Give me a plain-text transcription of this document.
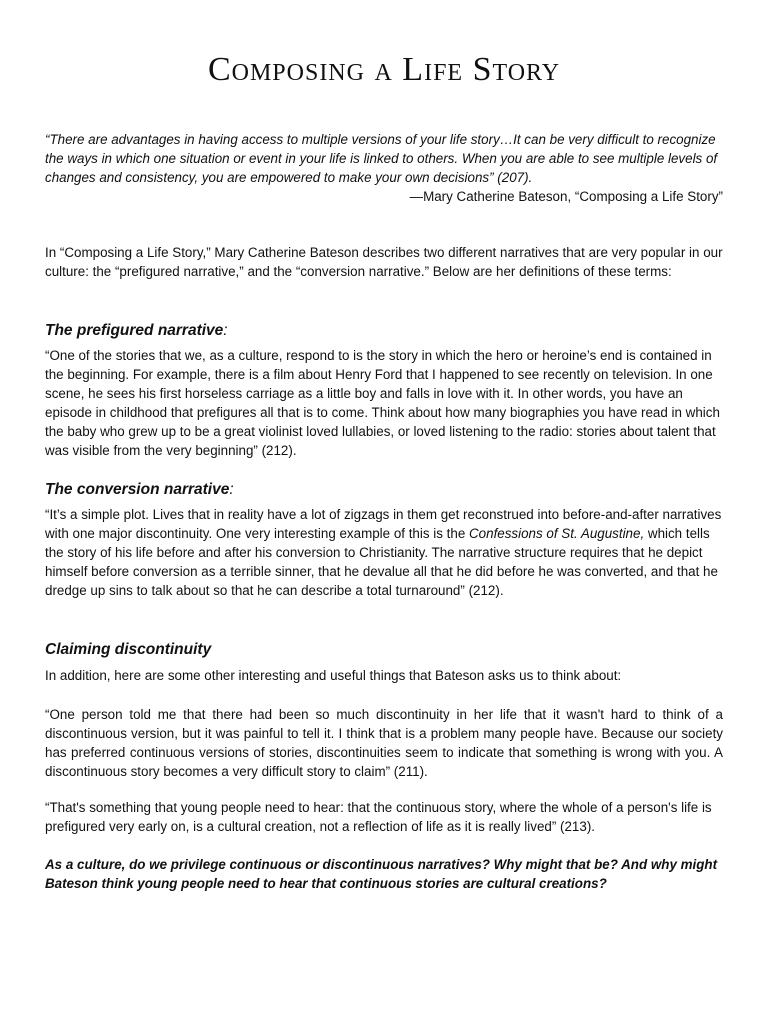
Composing a Life Story
“There are advantages in having access to multiple versions of your life story…It can be very difficult to recognize the ways in which one situation or event in your life is linked to others. When you are able to see multiple levels of changes and consistency, you are empowered to make your own decisions” (207).
—Mary Catherine Bateson, “Composing a Life Story”

In “Composing a Life Story,” Mary Catherine Bateson describes two different narratives that are very popular in our culture: the “prefigured narrative,” and the “conversion narrative.” Below are her definitions of these terms:

The prefigured narrative:

“One of the stories that we, as a culture, respond to is the story in which the hero or heroine’s end is contained in the beginning. For example, there is a film about Henry Ford that I happened to see recently on television. In one scene, he sees his first horseless carriage as a little boy and falls in love with it. In other words, you have an episode in childhood that prefigures all that is to come. Think about how many biographies you have read in which the baby who grew up to be a great violinist loved lullabies, or loved listening to the radio: stories about talent that was visible from the very beginning” (212).

The conversion narrative:

“It’s a simple plot. Lives that in reality have a lot of zigzags in them get reconstrued into before-and-after narratives with one major discontinuity. One very interesting example of this is the Confessions of St. Augustine, which tells the story of his life before and after his conversion to Christianity. The narrative structure requires that he depict himself before conversion as a terrible sinner, that he devalue all that he did before he was converted, and that he dredge up sins to talk about so that he can describe a total turnaround” (212).

Claiming discontinuity

In addition, here are some other interesting and useful things that Bateson asks us to think about:

“One person told me that there had been so much discontinuity in her life that it wasn't hard to think of a discontinuous version, but it was painful to tell it. I think that is a problem many people have. Because our society has preferred continuous versions of stories, discontinuities seem to indicate that something is wrong with you. A discontinuous story becomes a very difficult story to claim” (211).

“That's something that young people need to hear: that the continuous story, where the whole of a person's life is prefigured very early on, is a cultural creation, not a reflection of life as it is really lived” (213).

As a culture, do we privilege continuous or discontinuous narratives? Why might that be? And why might Bateson think young people need to hear that continuous stories are cultural creations?
